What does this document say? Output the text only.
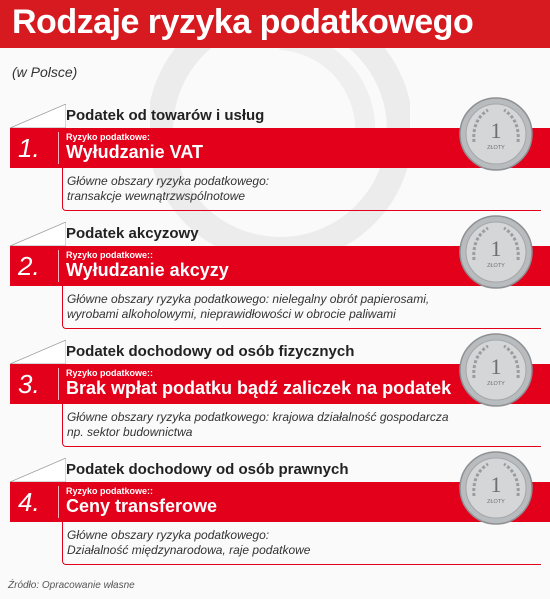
Rodzaje ryzyka podatkowego
(w Polsce)
Podatek od towarów i usług
1.	Ryzyko podatkowe:
Wyłudzanie VAT
Główne obszary ryzyka podatkowego:
transakcje wewnątrzwspólnotowe
1
ZŁOTY
Podatek akcyzowy
2.	Ryzyko podatkowe::
Wyłudzanie akcyzy
Główne obszary ryzyka podatkowego: nielegalny obrót papierosami,
wyrobami alkoholowymi, nieprawidłowości w obrocie paliwami
1
ZŁOTY
Podatek dochodowy od osób fizycznych
3.	Ryzyko podatkowe::
Brak wpłat podatku bądź zaliczek na podatek
Główne obszary ryzyka podatkowego: krajowa działalność gospodarcza
np. sektor budownictwa
1
ZŁOTY
Podatek dochodowy od osób prawnych
4.	Ryzyko podatkowe::
Ceny transferowe
Główne obszary ryzyka podatkowego:
Działalność międzynarodowa, raje podatkowe
1
ZŁOTY
Źródło: Opracowanie własne
